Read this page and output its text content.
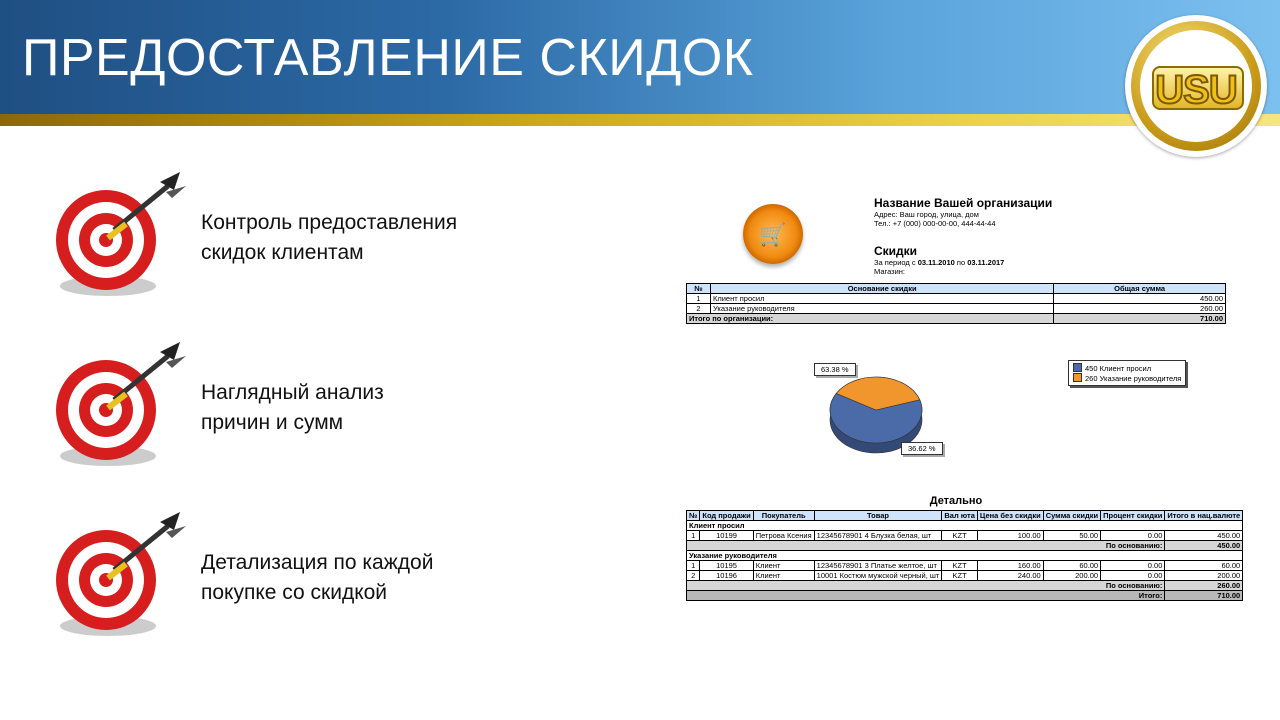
ПРЕДОСТАВЛЕНИЕ СКИДОК
USU
Контроль предоставления
скидок клиентам
Наглядный анализ
причин и сумм
Детализация по каждой
покупке со скидкой
🛒
Название Вашей организации
Адрес: Ваш город, улица, дом
Тел.: +7 (000) 000-00-00, 444-44-44
Скидки
За период с 03.11.2010 по 03.11.2017
Магазин:
№	Основание скидки	Общая сумма
1	Клиент просил	450.00
2	Указание руководителя	260.00
Итого по организации:		710.00
63.38 %
36.62 %
450 Клиент просил
260 Указание руководителя
Детально
№	Код продажи	Покупатель	Товар	Вал юта	Цена без скидки	Сумма скидки	Процент скидки	Итого в нац.валюте
Клиент просил								
1	10199	Петрова Ксения	12345678901 4 Блузка белая, шт	KZT	100.00	50.00	0.00	450.00
По основанию:								450.00
Указание руководителя								
1	10195	Клиент	12345678901 3 Платье желтое, шт	KZT	160.00	60.00	0.00	60.00
2	10196	Клиент	10001 Костюм мужской черный, шт	KZT	240.00	200.00	0.00	200.00
По основанию:								260.00
Итого:								710.00
